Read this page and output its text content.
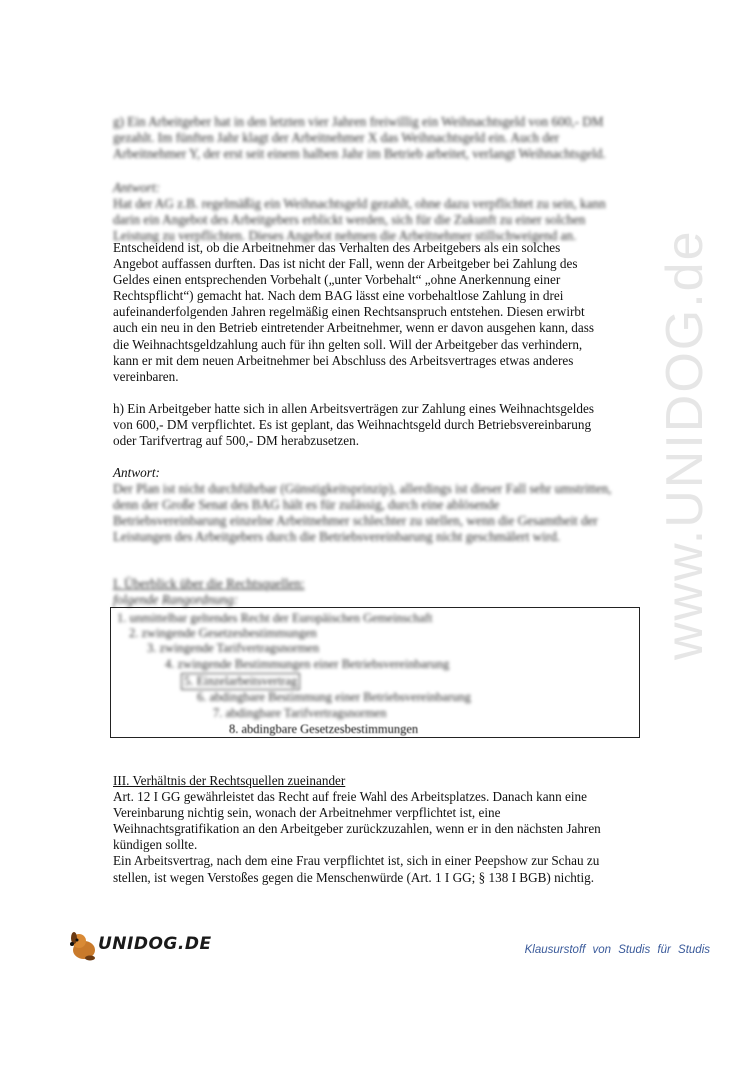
www.UNIDOG.de
g) Ein Arbeitgeber hat in den letzten vier Jahren freiwillig ein Weihnachtsgeld von 600,- DM
gezahlt. Im fünften Jahr klagt der Arbeitnehmer X das Weihnachtsgeld ein. Auch der
Arbeitnehmer Y, der erst seit einem halben Jahr im Betrieb arbeitet, verlangt Weihnachtsgeld.
Antwort:
Hat der AG z.B. regelmäßig ein Weihnachtsgeld gezahlt, ohne dazu verpflichtet zu sein, kann
darin ein Angebot des Arbeitgebers erblickt werden, sich für die Zukunft zu einer solchen
Leistung zu verpflichten. Dieses Angebot nehmen die Arbeitnehmer stillschweigend an.
Entscheidend ist, ob die Arbeitnehmer das Verhalten des Arbeitgebers als ein solches
Angebot auffassen durften. Das ist nicht der Fall, wenn der Arbeitgeber bei Zahlung des
Geldes einen entsprechenden Vorbehalt („unter Vorbehalt“ „ohne Anerkennung einer
Rechtspflicht“) gemacht hat. Nach dem BAG lässt eine vorbehaltlose Zahlung in drei
aufeinanderfolgenden Jahren regelmäßig einen Rechtsanspruch entstehen. Diesen erwirbt
auch ein neu in den Betrieb eintretender Arbeitnehmer, wenn er davon ausgehen kann, dass
die Weihnachtsgeldzahlung auch für ihn gelten soll. Will der Arbeitgeber das verhindern,
kann er mit dem neuen Arbeitnehmer bei Abschluss des Arbeitsvertrages etwas anderes
vereinbaren.
h) Ein Arbeitgeber hatte sich in allen Arbeitsverträgen zur Zahlung eines Weihnachtsgeldes
von 600,- DM verpflichtet. Es ist geplant, das Weihnachtsgeld durch Betriebsvereinbarung
oder Tarifvertrag auf 500,- DM herabzusetzen.
Antwort:
Der Plan ist nicht durchführbar (Günstigkeitsprinzip), allerdings ist dieser Fall sehr umstritten,
denn der Große Senat des BAG hält es für zulässig, durch eine ablösende
Betriebsvereinbarung einzelne Arbeitnehmer schlechter zu stellen, wenn die Gesamtheit der
Leistungen des Arbeitgebers durch die Betriebsvereinbarung nicht geschmälert wird.
I. Überblick über die Rechtsquellen:
folgende Rangordnung:
1. unmittelbar geltendes Recht der Europäischen Gemeinschaft
2. zwingende Gesetzesbestimmungen
3. zwingende Tarifvertragsnormen
4. zwingende Bestimmungen einer Betriebsvereinbarung
5. Einzelarbeitsvertrag
6. abdingbare Bestimmung einer Betriebsvereinbarung
7. abdingbare Tarifvertragsnormen
8. abdingbare Gesetzesbestimmungen
III. Verhältnis der Rechtsquellen zueinander
Art. 12 I GG gewährleistet das Recht auf freie Wahl des Arbeitsplatzes. Danach kann eine
Vereinbarung nichtig sein, wonach der Arbeitnehmer verpflichtet ist, eine
Weihnachtsgratifikation an den Arbeitgeber zurückzuzahlen, wenn er in den nächsten Jahren
kündigen sollte.
Ein Arbeitsvertrag, nach dem eine Frau verpflichtet ist, sich in einer Peepshow zur Schau zu
stellen, ist wegen Verstoßes gegen die Menschenwürde (Art. 1 I GG; § 138 I BGB) nichtig.
UNIDOG.DE	Klausurstoff von Studis für Studis
